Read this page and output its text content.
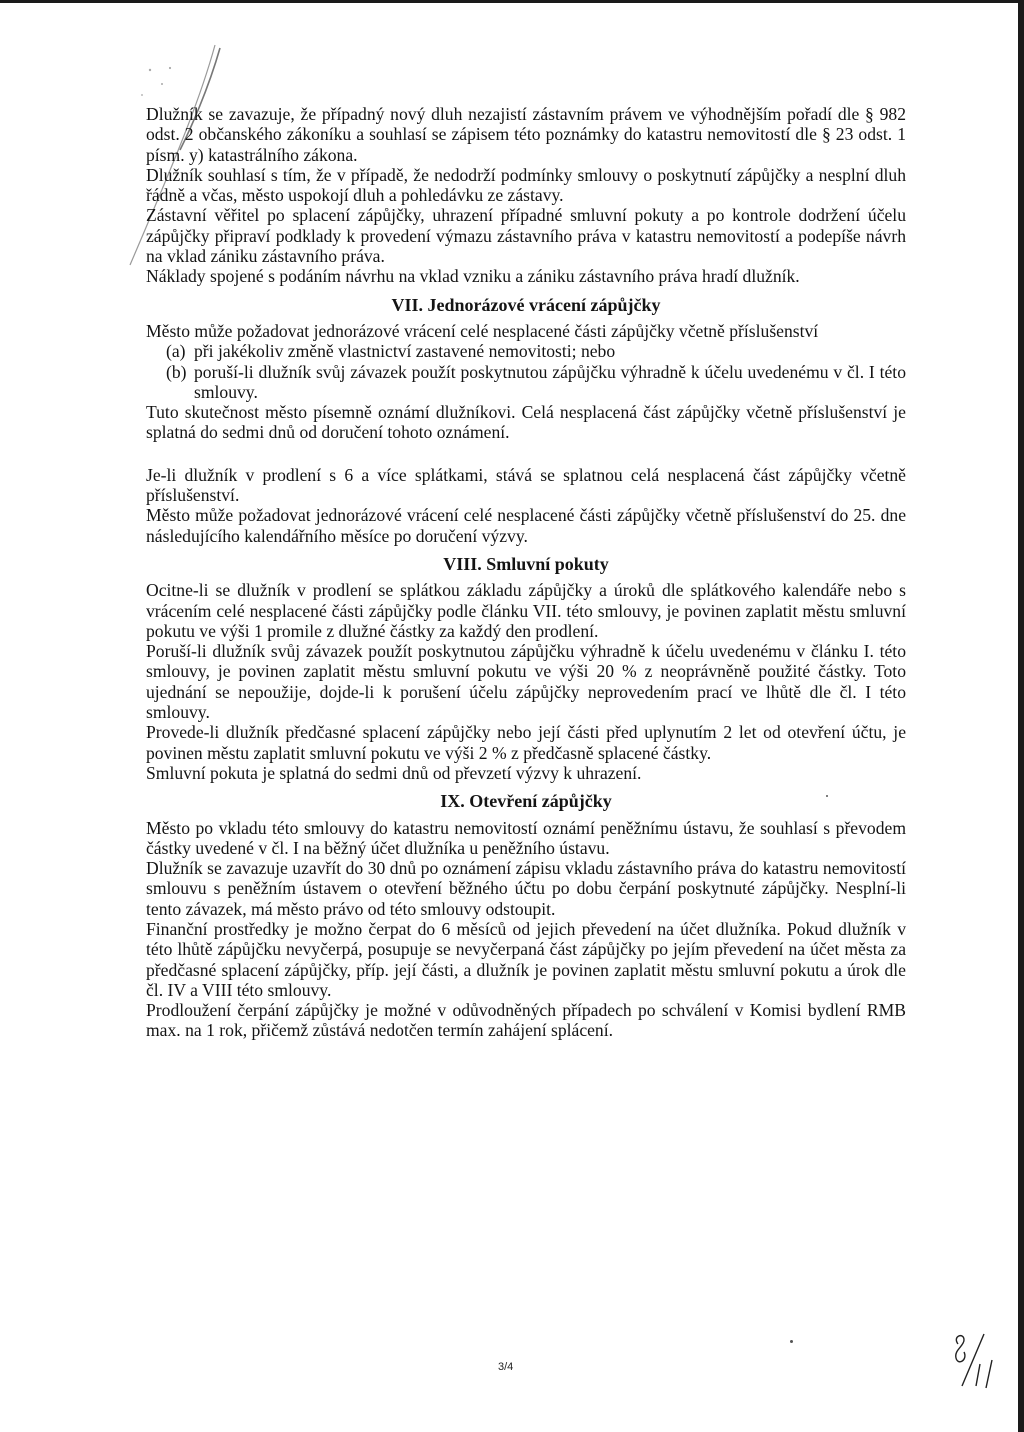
Dlužník se zavazuje, že případný nový dluh nezajistí zástavním právem ve výhodnějším pořadí dle § 982 odst. 2 občanského zákoníku a souhlasí se zápisem této poznámky do katastru nemovitostí dle § 23 odst. 1 písm. y) katastrálního zákona.

Dlužník souhlasí s tím, že v případě, že nedodrží podmínky smlouvy o poskytnutí zápůjčky a nesplní dluh řádně a včas, město uspokojí dluh a pohledávku ze zástavy.

Zástavní věřitel po splacení zápůjčky, uhrazení případné smluvní pokuty a po kontrole dodržení účelu zápůjčky připraví podklady k provedení výmazu zástavního práva v katastru nemovitostí a podepíše návrh na vklad zániku zástavního práva.

Náklady spojené s podáním návrhu na vklad vzniku a zániku zástavního práva hradí dlužník.

VII. Jednorázové vrácení zápůjčky

Město může požadovat jednorázové vrácení celé nesplacené části zápůjčky včetně příslušenství

(a) při jakékoliv změně vlastnictví zastavené nemovitosti; nebo
(b) poruší-li dlužník svůj závazek použít poskytnutou zápůjčku výhradně k účelu uvedenému v čl. I této smlouvy.

Tuto skutečnost město písemně oznámí dlužníkovi. Celá nesplacená část zápůjčky včetně příslušenství je splatná do sedmi dnů od doručení tohoto oznámení.

Je-li dlužník v prodlení s 6 a více splátkami, stává se splatnou celá nesplacená část zápůjčky včetně příslušenství.

Město může požadovat jednorázové vrácení celé nesplacené části zápůjčky včetně příslušenství do 25. dne následujícího kalendářního měsíce po doručení výzvy.

VIII. Smluvní pokuty

Ocitne-li se dlužník v prodlení se splátkou základu zápůjčky a úroků dle splátkového kalendáře nebo s vrácením celé nesplacené části zápůjčky podle článku VII. této smlouvy, je povinen zaplatit městu smluvní pokutu ve výši 1 promile z dlužné částky za každý den prodlení.

Poruší-li dlužník svůj závazek použít poskytnutou zápůjčku výhradně k účelu uvedenému v článku I. této smlouvy, je povinen zaplatit městu smluvní pokutu ve výši 20 % z neoprávněně použité částky. Toto ujednání se nepoužije, dojde-li k porušení účelu zápůjčky neprovedením prací ve lhůtě dle čl. I této smlouvy.

Provede-li dlužník předčasné splacení zápůjčky nebo její části před uplynutím 2 let od otevření účtu, je povinen městu zaplatit smluvní pokutu ve výši 2 % z předčasně splacené částky.

Smluvní pokuta je splatná do sedmi dnů od převzetí výzvy k uhrazení.

IX. Otevření zápůjčky

Město po vkladu této smlouvy do katastru nemovitostí oznámí peněžnímu ústavu, že souhlasí s převodem částky uvedené v čl. I na běžný účet dlužníka u peněžního ústavu.

Dlužník se zavazuje uzavřít do 30 dnů po oznámení zápisu vkladu zástavního práva do katastru nemovitostí smlouvu s peněžním ústavem o otevření běžného účtu po dobu čerpání poskytnuté zápůjčky. Nesplní-li tento závazek, má město právo od této smlouvy odstoupit.

Finanční prostředky je možno čerpat do 6 měsíců od jejich převedení na účet dlužníka. Pokud dlužník v této lhůtě zápůjčku nevyčerpá, posupuje se nevyčerpaná část zápůjčky po jejím převedení na účet města za předčasné splacení zápůjčky, příp. její části, a dlužník je povinen zaplatit městu smluvní pokutu a úrok dle čl. IV a VIII této smlouvy.

Prodloužení čerpání zápůjčky je možné v odůvodněných případech po schválení v Komisi bydlení RMB max. na 1 rok, přičemž zůstává nedotčen termín zahájení splácení.

3/4
